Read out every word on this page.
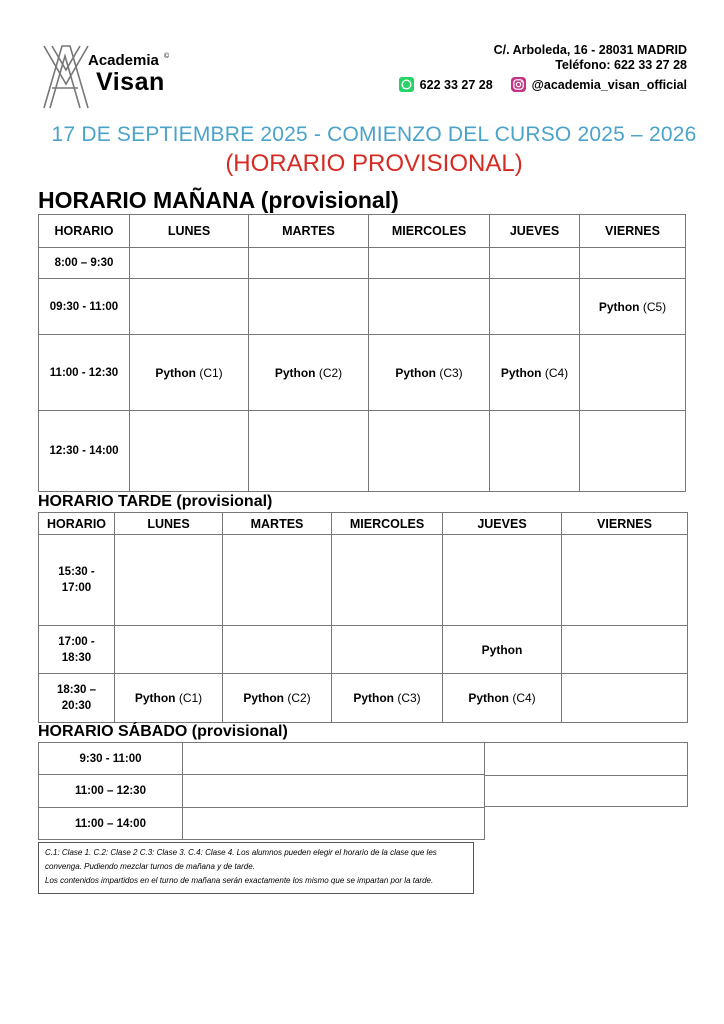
Academia ©
Visan
C/. Arboleda, 16 - 28031 MADRID
Teléfono: 622 33 27 28
622 33 27 28	@academia_visan_official
17 DE SEPTIEMBRE 2025 - COMIENZO DEL CURSO 2025 – 2026
(HORARIO PROVISIONAL)
HORARIO MAÑANA (provisional)
HORARIO	LUNES	MARTES	MIERCOLES	JUEVES	VIERNES
8:00 – 9:30					
09:30 - 11:00					Python (C5)
11:00 - 12:30	Python (C1)	Python (C2)	Python (C3)	Python (C4)	
12:30 - 14:00					
HORARIO TARDE (provisional)
HORARIO	LUNES	MARTES	MIERCOLES	JUEVES	VIERNES
15:30 -
17:00					
17:00 -
18:30				Python	
18:30 –
20:30	Python (C1)	Python (C2)	Python (C3)	Python (C4)	
HORARIO SÁBADO (provisional)
9:30 - 11:00	
11:00 – 12:30	
11:00 – 14:00	
C.1: Clase 1. C.2: Clase 2 C.3: Clase 3. C.4: Clase 4. Los alumnos pueden elegir el horario de la clase que les
convenga. Pudiendo mezclar turnos de mañana y de tarde.
Los contenidos impartidos en el turno de mañana serán exactamente los mismo que se impartan por la tarde.
